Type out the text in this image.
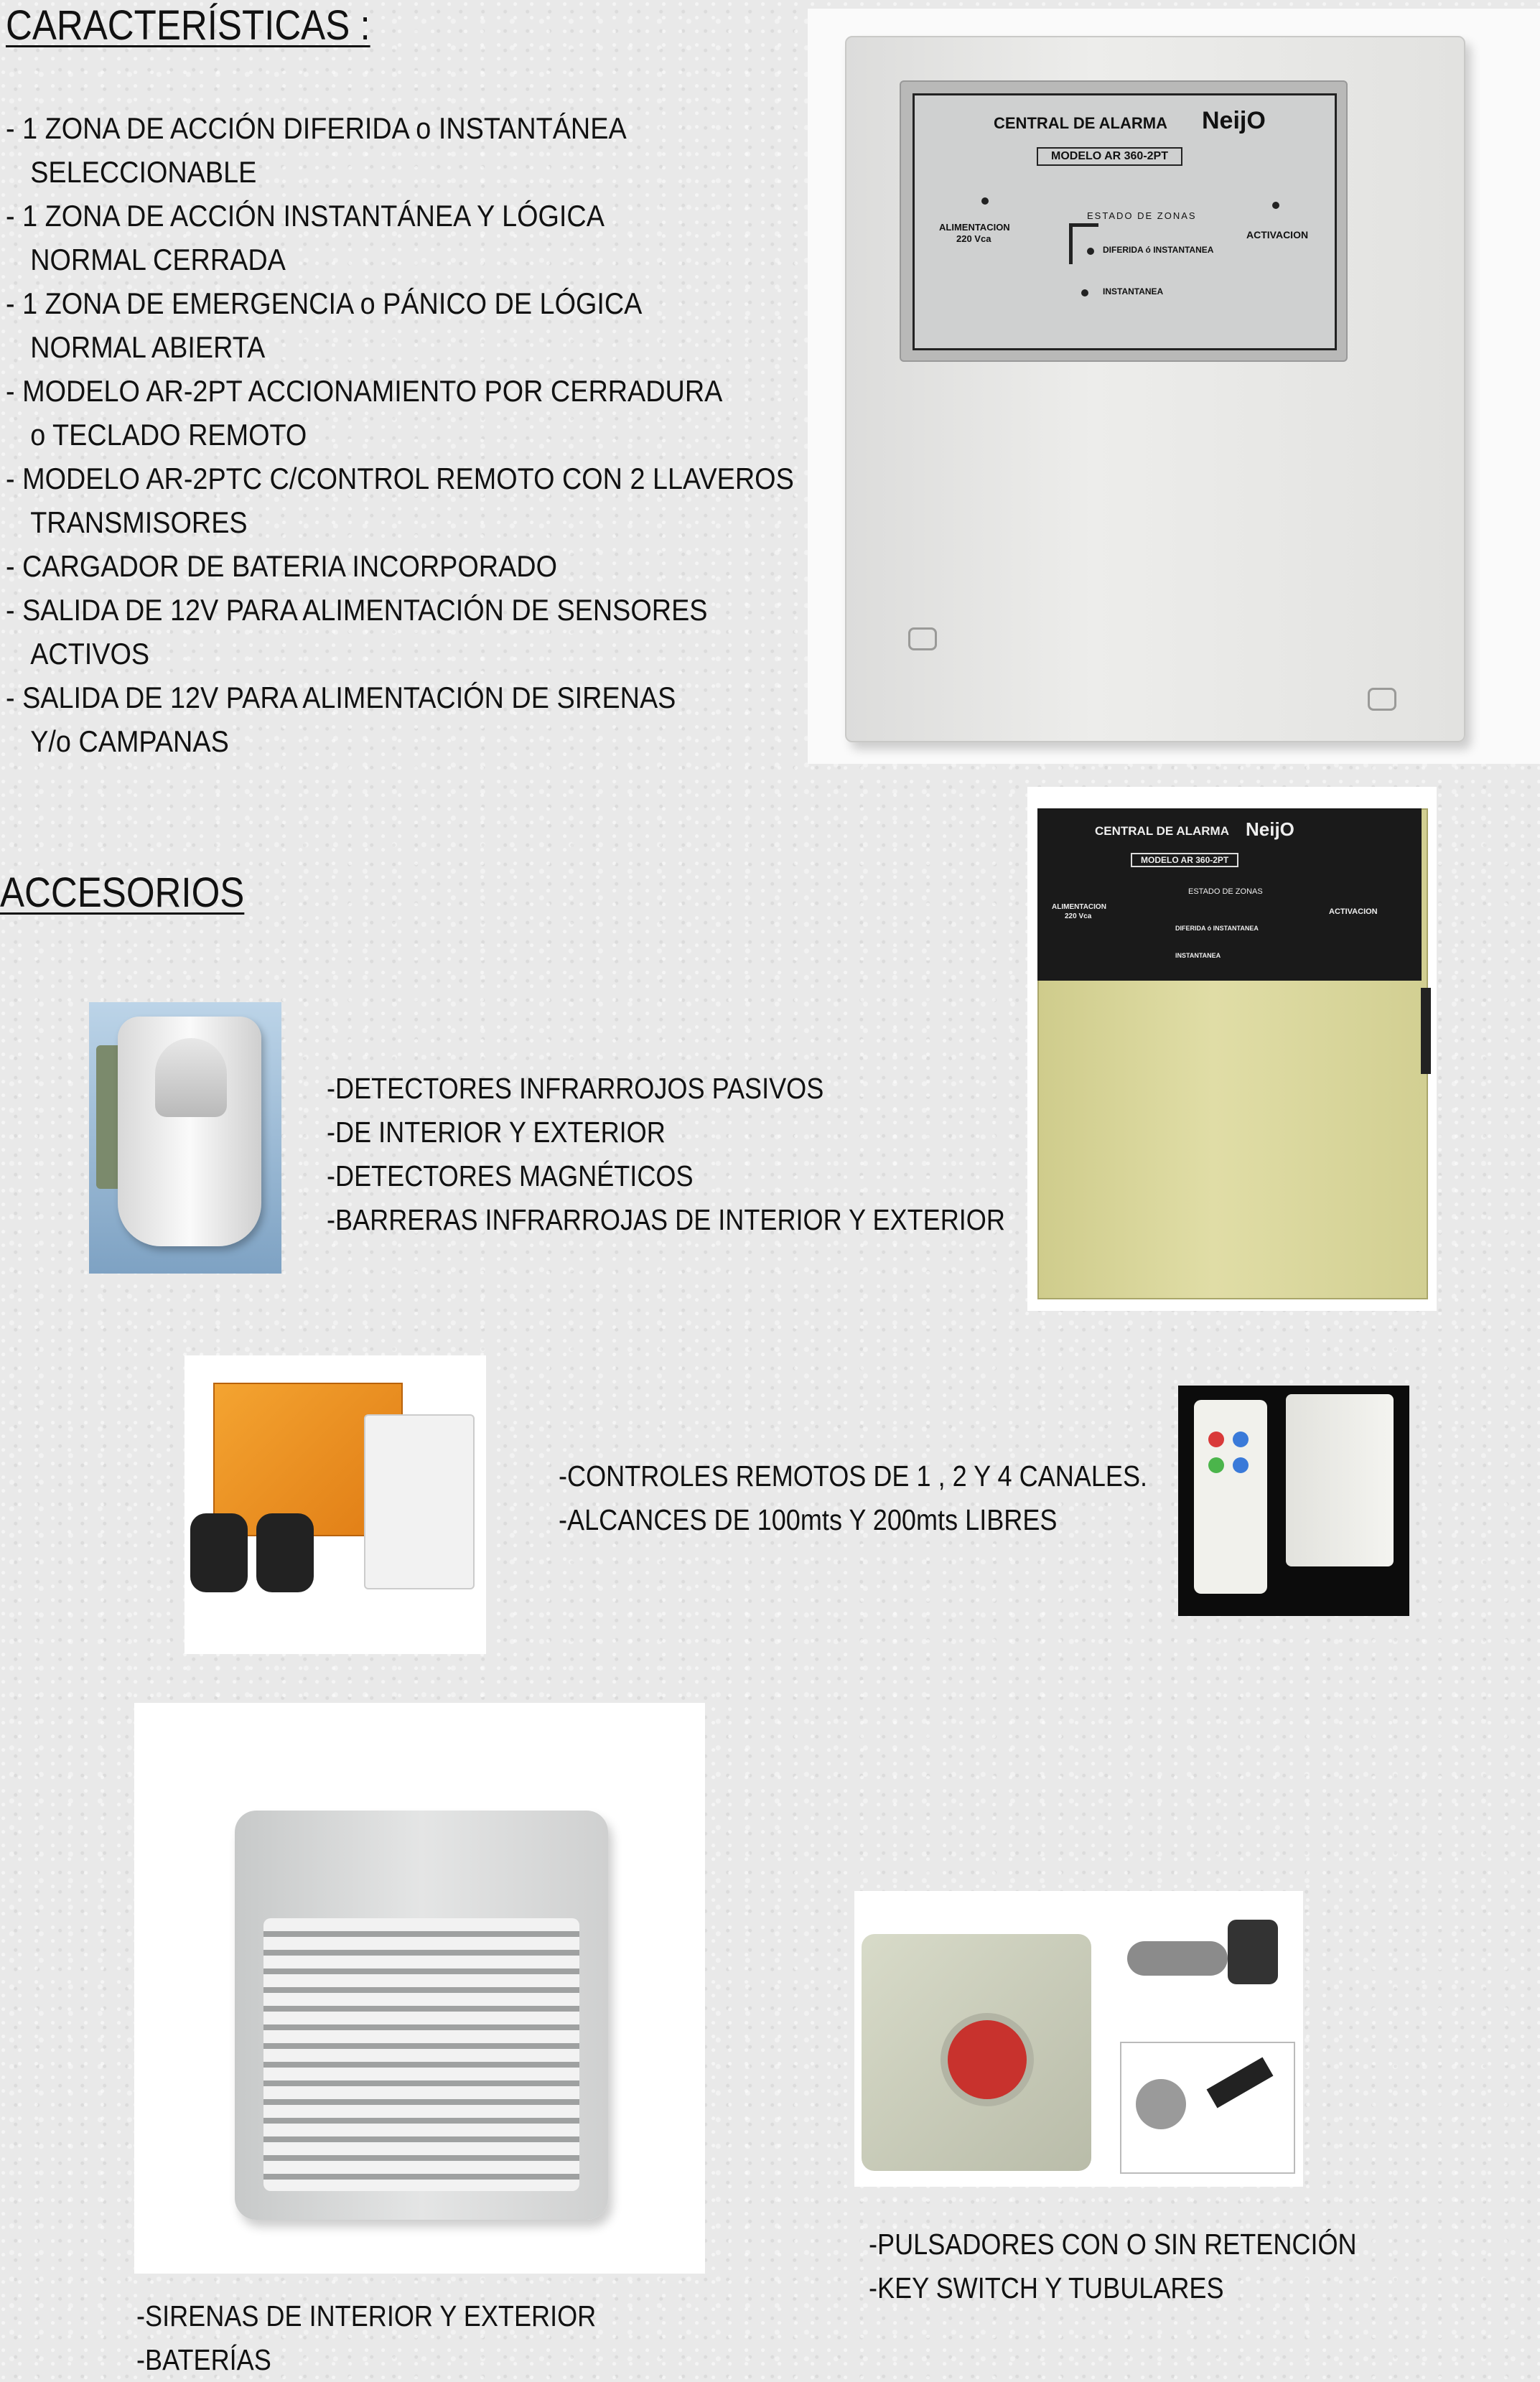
CARACTERÍSTICAS :
- 1 ZONA DE ACCIÓN DIFERIDA o INSTANTÁNEA
SELECCIONABLE
- 1 ZONA DE ACCIÓN INSTANTÁNEA Y LÓGICA
NORMAL CERRADA
- 1 ZONA DE EMERGENCIA o PÁNICO DE LÓGICA
NORMAL ABIERTA
- MODELO AR-2PT ACCIONAMIENTO POR CERRADURA
o TECLADO REMOTO
- MODELO AR-2PTC C/CONTROL REMOTO CON 2 LLAVEROS
TRANSMISORES
- CARGADOR DE BATERIA INCORPORADO
- SALIDA DE 12V PARA ALIMENTACIÓN DE SENSORES
ACTIVOS
- SALIDA DE 12V PARA ALIMENTACIÓN DE SIRENAS
Y/o CAMPANAS
CENTRAL DE ALARMA NeijO
MODELO AR 360-2PT
ESTADO DE ZONAS
ALIMENTACION
220 Vca	ACTIVACION
DIFERIDA ó INSTANTANEA
INSTANTANEA
ACCESORIOS
-DETECTORES INFRARROJOS PASIVOS
-DE INTERIOR Y EXTERIOR
-DETECTORES MAGNÉTICOS
-BARRERAS INFRARROJAS DE INTERIOR Y EXTERIOR
CENTRAL DE ALARMA NeijO
MODELO AR 360-2PT
ESTADO DE ZONAS
ALIMENTACION
220 Vca
DIFERIDA ó INSTANTANEA
INSTANTANEA
ACTIVACION
-CONTROLES REMOTOS DE 1 , 2 Y 4 CANALES.
-ALCANCES DE 100mts Y 200mts LIBRES
-SIRENAS DE INTERIOR Y EXTERIOR
-BATERÍAS
-PULSADORES CON O SIN RETENCIÓN
-KEY SWITCH Y TUBULARES
